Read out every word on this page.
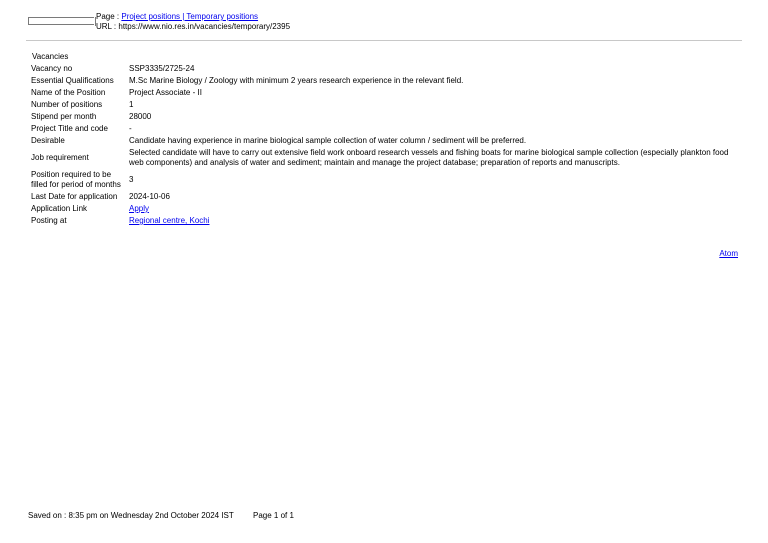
Page : Project positions | Temporary positions
URL : https://www.nio.res.in/vacancies/temporary/2395
Vacancies
Vacancy no	SSP3335/2725-24
Essential Qualifications	M.Sc Marine Biology / Zoology with minimum 2 years research experience in the relevant field.
Name of the Position	Project Associate - II
Number of positions	1
Stipend per month	28000
Project Title and code	-
Desirable	Candidate having experience in marine biological sample collection of water column / sediment will be preferred.
Job requirement	Selected candidate will have to carry out extensive field work onboard research vessels and fishing boats for marine biological sample collection (especially plankton food web components) and analysis of water and sediment; maintain and manage the project database; preparation of reports and manuscripts.
Position required to be filled for period of months	3
Last Date for application	2024-10-06
Application Link	Apply
Posting at	Regional centre, Kochi
Atom
Saved on : 8:35 pm on Wednesday 2nd October 2024 IST	Page 1 of 1
